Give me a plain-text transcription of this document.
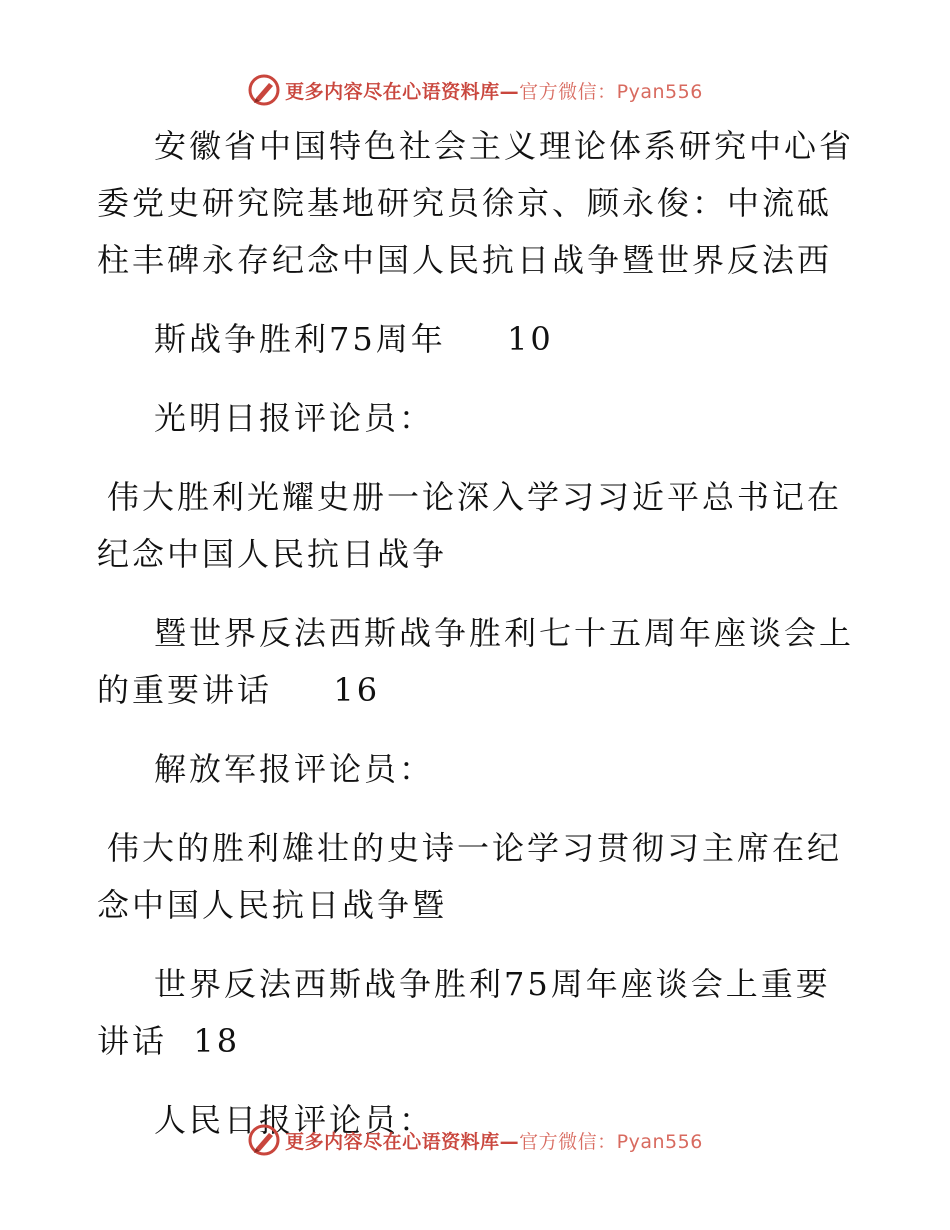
更多内容尽在心语资料库—官方微信：Pyan556

安徽省中国特色社会主义理论体系研究中心省委党史研究院基地研究员徐京、顾永俊：中流砥柱丰碑永存纪念中国人民抗日战争暨世界反法西

斯战争胜利75周年　  10

光明日报评论员：

伟大胜利光耀史册一论深入学习习近平总书记在纪念中国人民抗日战争

暨世界反法西斯战争胜利七十五周年座谈会上的重要讲话　  16

解放军报评论员：

伟大的胜利雄壮的史诗一论学习贯彻习主席在纪念中国人民抗日战争暨

世界反法西斯战争胜利75周年座谈会上重要讲话  18

人民日报评论员：

更多内容尽在心语资料库—官方微信：Pyan556
